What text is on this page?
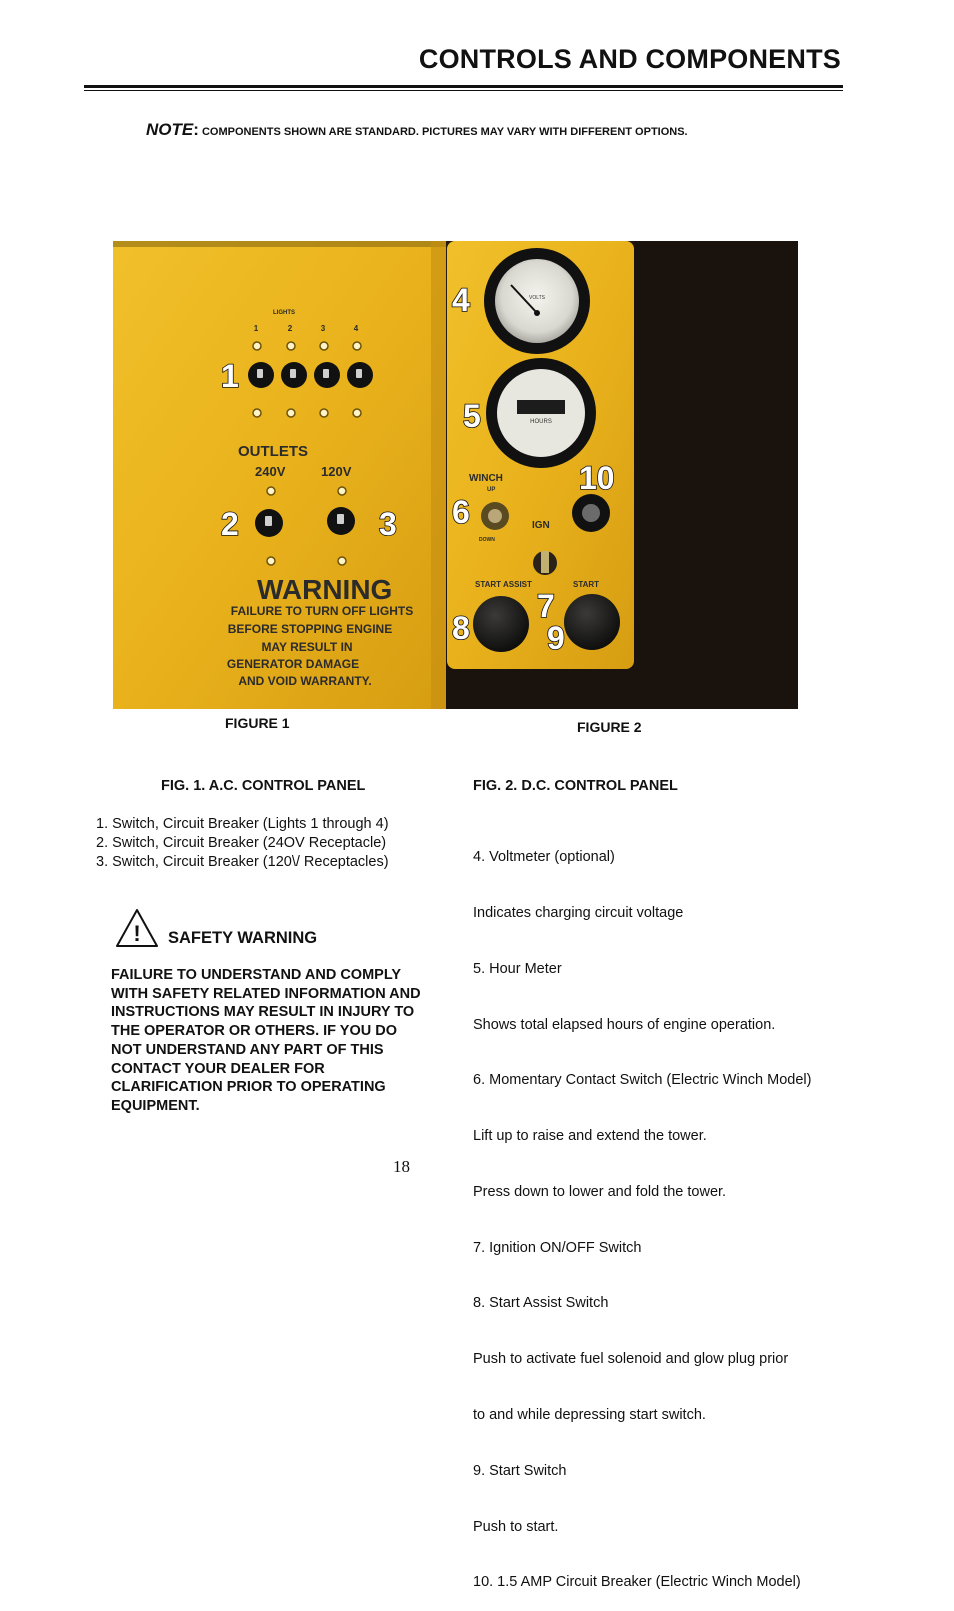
CONTROLS AND COMPONENTS
NOTE: COMPONENTS SHOWN ARE STANDARD. PICTURES MAY VARY WITH DIFFERENT OPTIONS.
LIGHTS
1	2	3	4
OUTLETS
240V	120V
WARNING
FAILURE TO TURN OFF LIGHTS
BEFORE STOPPING ENGINE
MAY RESULT IN
GENERATOR DAMAGE
AND VOID WARRANTY.
VOLTS
HOURS
WINCH
UP
DOWN
IGN
START ASSIST	START
1
2	3
4
5
6
7
8 9
10
FIGURE 1	FIGURE 2
FIG. 1. A.C. CONTROL PANEL	FIG. 2. D.C. CONTROL PANEL
1. Switch, Circuit Breaker (Lights 1 through 4)
2. Switch, Circuit Breaker (24OV Receptacle)
3. Switch, Circuit Breaker (120\/ Receptacles)

	4. Voltmeter (optional)

Indicates charging circuit voltage

5. Hour Meter

Shows total elapsed hours of engine operation.

6. Momentary Contact Switch (Electric Winch Model)

Lift up to raise and extend the tower.

Press down to lower and fold the tower.

7. Ignition ON/OFF Switch

8. Start Assist Switch

Push to activate fuel solenoid and glow plug prior

to and while depressing start switch.

9. Start Switch

Push to start.

10. 1.5 AMP Circuit Breaker (Electric Winch Model)

! SAFETY WARNING
FAILURE TO UNDERSTAND AND COMPLY WITH SAFETY RELATED INFORMATION AND INSTRUCTIONS MAY RESULT IN INJURY TO THE OPERATOR OR OTHERS. IF YOU DO NOT UNDERSTAND ANY PART OF THIS CONTACT YOUR DEALER FOR CLARIFICATION PRIOR TO OPERATING EQUIPMENT.
18
